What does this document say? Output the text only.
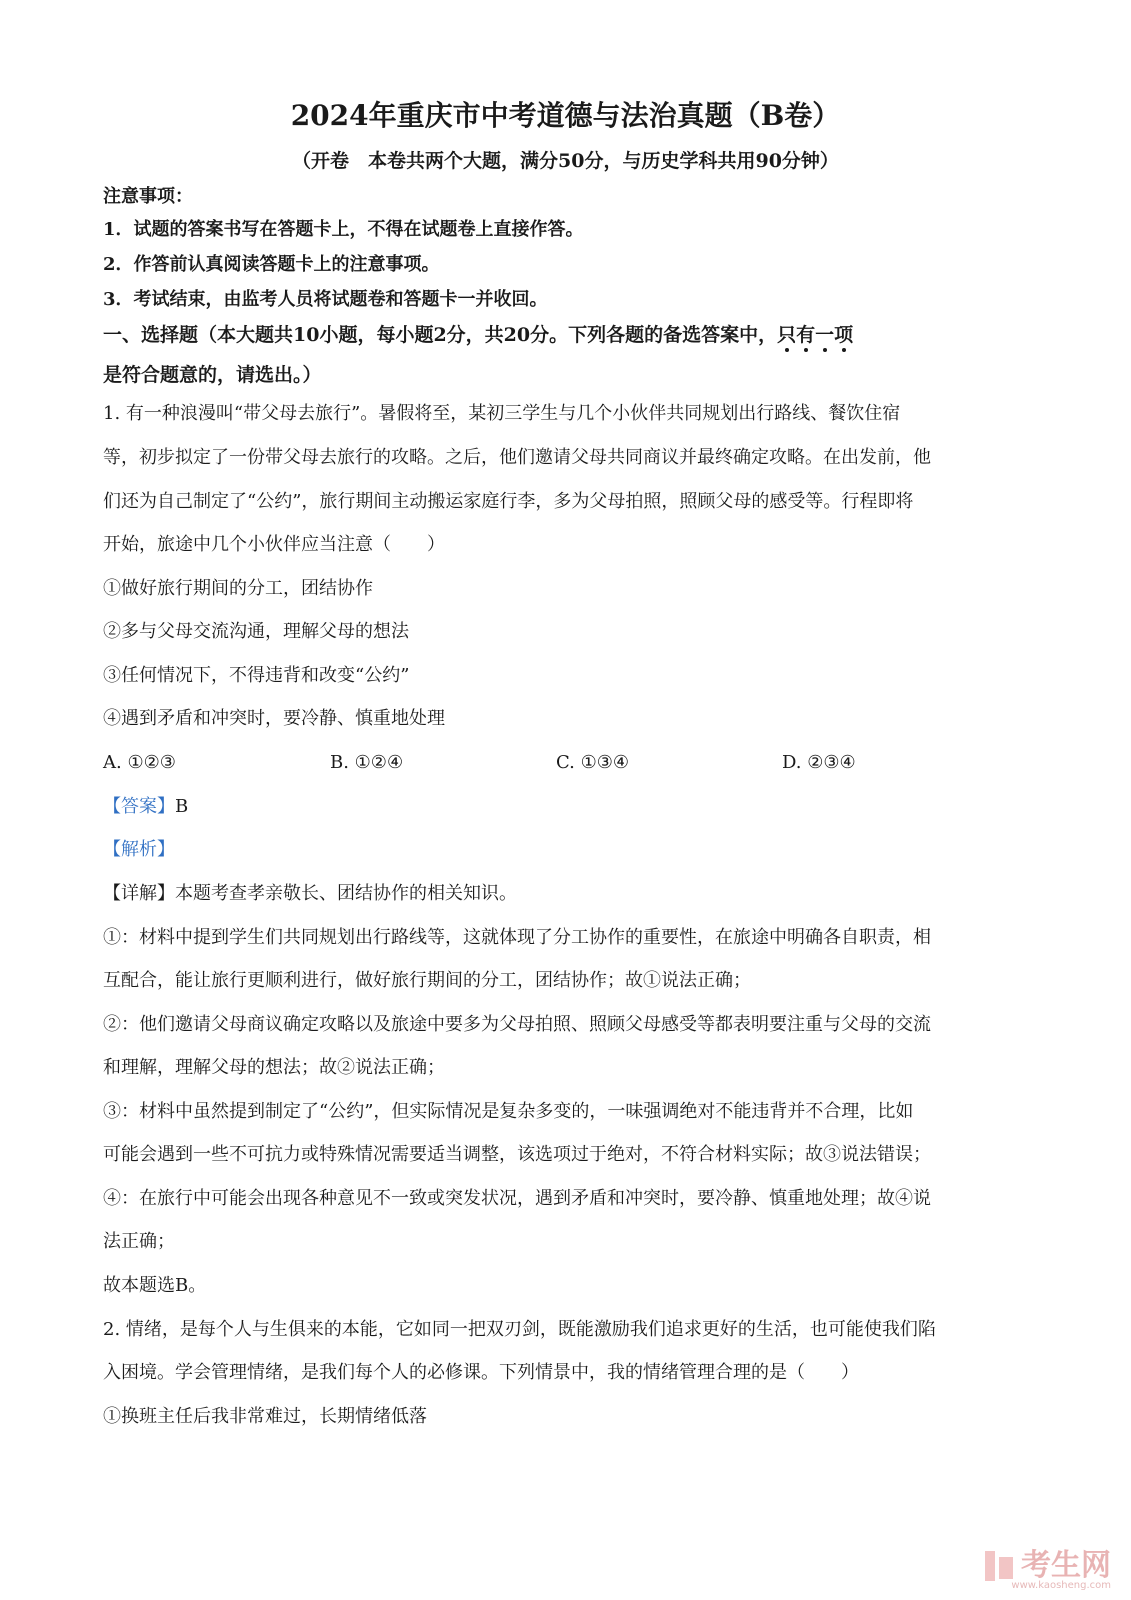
2024年重庆市中考道德与法治真题（B卷）
（开卷　本卷共两个大题，满分50分，与历史学科共用90分钟）
注意事项：
1．试题的答案书写在答题卡上，不得在试题卷上直接作答。
2．作答前认真阅读答题卡上的注意事项。
3．考试结束，由监考人员将试题卷和答题卡一并收回。
一、选择题（本大题共10小题，每小题2分，共20分。下列各题的备选答案中，只有一项
是符合题意的，请选出。）
1. 有一种浪漫叫“带父母去旅行”。暑假将至，某初三学生与几个小伙伴共同规划出行路线、餐饮住宿
等，初步拟定了一份带父母去旅行的攻略。之后，他们邀请父母共同商议并最终确定攻略。在出发前，他
们还为自己制定了“公约”，旅行期间主动搬运家庭行李，多为父母拍照，照顾父母的感受等。行程即将
开始，旅途中几个小伙伴应当注意（　　）
①做好旅行期间的分工，团结协作
②多与父母交流沟通，理解父母的想法
③任何情况下，不得违背和改变“公约”
④遇到矛盾和冲突时，要冷静、慎重地处理
A. ①②③	B. ①②④	C. ①③④	D. ②③④
【答案】B
【解析】
【详解】本题考查孝亲敬长、团结协作的相关知识。
①：材料中提到学生们共同规划出行路线等，这就体现了分工协作的重要性，在旅途中明确各自职责，相
互配合，能让旅行更顺利进行，做好旅行期间的分工，团结协作；故①说法正确；
②：他们邀请父母商议确定攻略以及旅途中要多为父母拍照、照顾父母感受等都表明要注重与父母的交流
和理解，理解父母的想法；故②说法正确；
③：材料中虽然提到制定了“公约”，但实际情况是复杂多变的，一味强调绝对不能违背并不合理，比如
可能会遇到一些不可抗力或特殊情况需要适当调整，该选项过于绝对，不符合材料实际；故③说法错误；
④：在旅行中可能会出现各种意见不一致或突发状况，遇到矛盾和冲突时，要冷静、慎重地处理；故④说
法正确；
故本题选B。
2. 情绪，是每个人与生俱来的本能，它如同一把双刃剑，既能激励我们追求更好的生活，也可能使我们陷
入困境。学会管理情绪，是我们每个人的必修课。下列情景中，我的情绪管理合理的是（　　）
①换班主任后我非常难过，长期情绪低落
考生网
www.kaosheng.com
